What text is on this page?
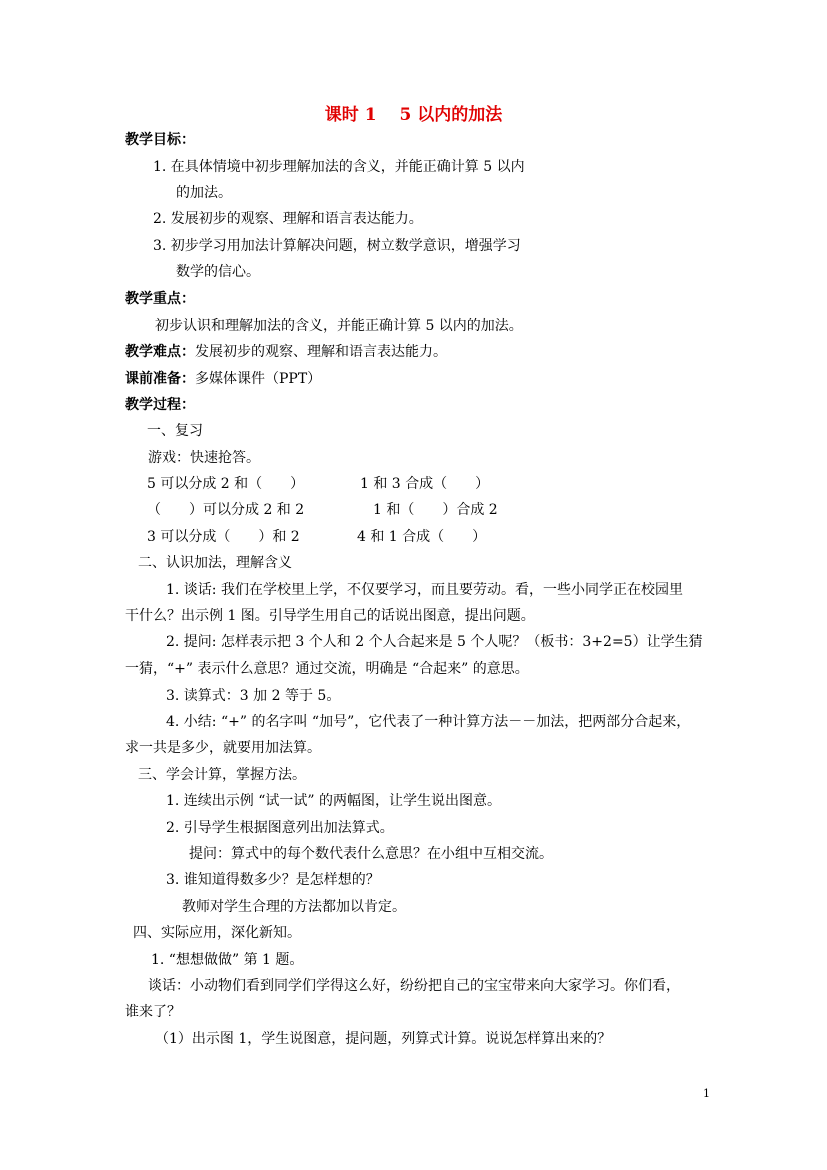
课时 1　 5 以内的加法
教学目标：
1. 在具体情境中初步理解加法的含义，并能正确计算 5 以内
的加法。
2. 发展初步的观察、理解和语言表达能力。
3. 初步学习用加法计算解决问题，树立数学意识，增强学习
数学的信心。
教学重点：
初步认识和理解加法的含义，并能正确计算 5 以内的加法。
教学难点：发展初步的观察、理解和语言表达能力。
课前准备：多媒体课件（PPT）
教学过程：
一、复习
游戏：快速抢答。
5 可以分成 2 和（　　）	1 和 3 合成（　　）
（　　）可以分成 2 和 2	1 和（　　）合成 2
3 可以分成（　　）和 2	4 和 1 合成（　　）
二、认识加法，理解含义
1. 谈话: 我们在学校里上学，不仅要学习，而且要劳动。看，一些小同学正在校园里
干什么？出示例 1 图。引导学生用自己的话说出图意，提出问题。
2. 提问: 怎样表示把 3 个人和 2 个人合起来是 5 个人呢？（板书：3+2=5）让学生猜
一猜，“+” 表示什么意思？通过交流，明确是 “合起来” 的意思。
3. 读算式：3 加 2 等于 5。
4. 小结: “+” 的名字叫 “加号”，它代表了一种计算方法－－加法，把两部分合起来，
求一共是多少，就要用加法算。
三、学会计算，掌握方法。
1. 连续出示例 “试一试” 的两幅图，让学生说出图意。
2. 引导学生根据图意列出加法算式。
提问：算式中的每个数代表什么意思？在小组中互相交流。
3. 谁知道得数多少？是怎样想的？
教师对学生合理的方法都加以肯定。
四、实际应用，深化新知。
1. “想想做做” 第 1 题。
谈话：小动物们看到同学们学得这么好，纷纷把自己的宝宝带来向大家学习。你们看，
谁来了？
（1）出示图 1，学生说图意，提问题，列算式计算。说说怎样算出来的？
1
